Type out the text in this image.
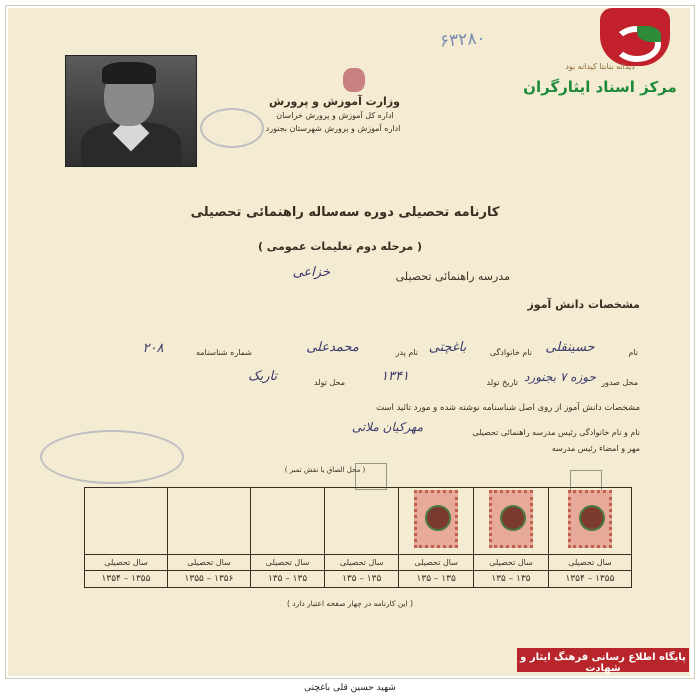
وزارت آموزش و پرورش
اداره کل آموزش و پرورش خراسان
اداره آموزش و پرورش شهرستان بجنورد
۶۳۲۸۰
دیدانه بنابتا کیدانه بود
مرکز اسناد ایثارگران
کارنامه تحصیلی دوره سه‌ساله راهنمائی تحصیلی
( مرحله دوم تعلیمات عمومی )
مدرسه راهنمائی تحصیلی
خزاعی
مشخصات دانش آموز
نام
حسینقلی
نام خانوادگی
باغچتی
نام پدر
محمدعلی
شماره شناسنامه
۲۰۸
محل صدور
حوزه ۷ بجنورد
تاریخ تولد
۱۳۴۱
محل تولد
تاریک
مشخصات دانش آموز از روی اصل شناسنامه نوشته شده و مورد تائید است
نام و نام خانوادگی رئیس مدرسه راهنمائی تحصیلی
مهرکیان ملاتی
مهر و امضاء رئیس مدرسه
( محل الصاق یا نقش تمبر )

سال تحصیلی	سال تحصیلی	سال تحصیلی	سال تحصیلی	سال تحصیلی	سال تحصیلی	سال تحصیلی
۱۳۵۴ – ۱۳۵۵	۱۳۵۵ – ۱۳۵۶	۱۳۵ – ۱۳۵	۱۳۵ – ۱۳۵	۱۳۵ – ۱۳۵	۱۳۵ – ۱۳۵	۱۳۵۴ – ۱۳۵۵
( این کارنامه در چهار صفحه اعتبار دارد )
پایگاه اطلاع رسانی فرهنگ ایثار و شهادت
شهید حسین قلی باغچتی
